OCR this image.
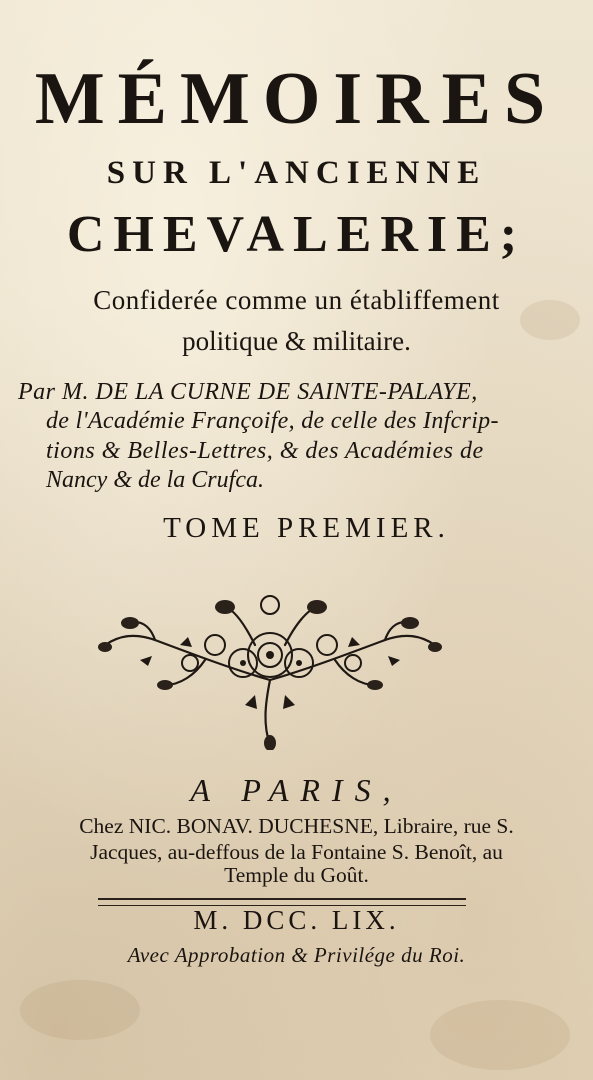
MÉMOIRES
SUR L'ANCIENNE
CHEVALERIE;
Confiderée comme un établiffement
politique & militaire.
Par M. DE LA CURNE DE SAINTE-PALAYE,
de l'Académie Françoife, de celle des Infcrip-
tions & Belles-Lettres, & des Académies de
Nancy & de la Crufca.
TOME PREMIER.
A PARIS,
Chez NIC. BONAV. DUCHESNE, Libraire, rue S.
Jacques, au-deffous de la Fontaine S. Benoît, au
Temple du Goût.
M. DCC. LIX.
Avec Approbation & Privilége du Roi.
